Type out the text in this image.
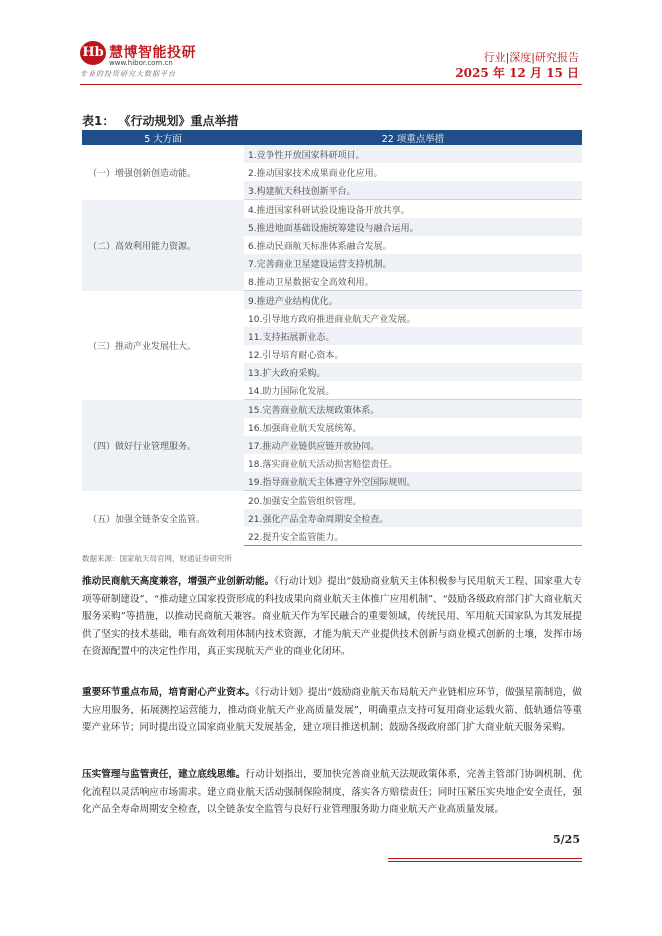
Hb 慧博智能投研
www.hibor.com.cn
专业的投资研究大数据平台
行业|深度|研究报告
2025 年 12 月 15 日
表1： 《行动规划》重点举措
5 大方面	22 项重点举措
（一）增强创新创造动能。	1.竞争性开放国家科研项目。
	2.推动国家技术成果商业化应用。
	3.构建航天科技创新平台。
（二）高效利用能力资源。	4.推进国家科研试验设施设备开放共享。
	5.推进地面基础设施统筹建设与融合运用。
	6.推动民商航天标准体系融合发展。
	7.完善商业卫星建设运营支持机制。
	8.推动卫星数据安全高效利用。
（三）推动产业发展壮大。	9.推进产业结构优化。
	10.引导地方政府推进商业航天产业发展。
	11.支持拓展新业态。
	12.引导培育耐心资本。
	13.扩大政府采购。
	14.助力国际化发展。
（四）做好行业管理服务。	15.完善商业航天法规政策体系。
	16.加强商业航天发展统筹。
	17.推动产业链供应链开放协同。
	18.落实商业航天活动损害赔偿责任。
	19.指导商业航天主体遵守外空国际规则。
（五）加强全链条安全监管。	20.加强安全监管组织管理。
	21.强化产品全寿命周期安全检查。
	22.提升安全监管能力。
数据来源：国家航天局官网，财通证券研究所
推动民商航天高度兼容，增强产业创新动能。《行动计划》提出“鼓励商业航天主体积极参与民用航天工程、国家重大专项等研制建设”、“推动建立国家投资形成的科技成果向商业航天主体推广应用机制”、“鼓励各级政府部门扩大商业航天服务采购”等措施，以推动民商航天兼容。商业航天作为军民融合的重要领域，传统民用、军用航天国家队为其发展提供了坚实的技术基础，唯有高效利用体制内技术资源，才能为航天产业提供技术创新与商业模式创新的土壤，发挥市场在资源配置中的决定性作用，真正实现航天产业的商业化闭环。
重要环节重点布局，培育耐心产业资本。《行动计划》提出“鼓励商业航天布局航天产业链相应环节，做强星箭制造，做大应用服务，拓展测控运营能力，推动商业航天产业高质量发展”，明确重点支持可复用商业运载火箭、低轨通信等重要产业环节；同时提出设立国家商业航天发展基金，建立项目推送机制；鼓励各级政府部门扩大商业航天服务采购。
压实管理与监管责任，建立底线思维。行动计划指出，要加快完善商业航天法规政策体系，完善主管部门协调机制、优化流程以灵活响应市场需求。建立商业航天活动强制保险制度，落实各方赔偿责任；同时压紧压实央地企安全责任，强化产品全寿命周期安全检查，以全链条安全监管与良好行业管理服务助力商业航天产业高质量发展。
5/25
